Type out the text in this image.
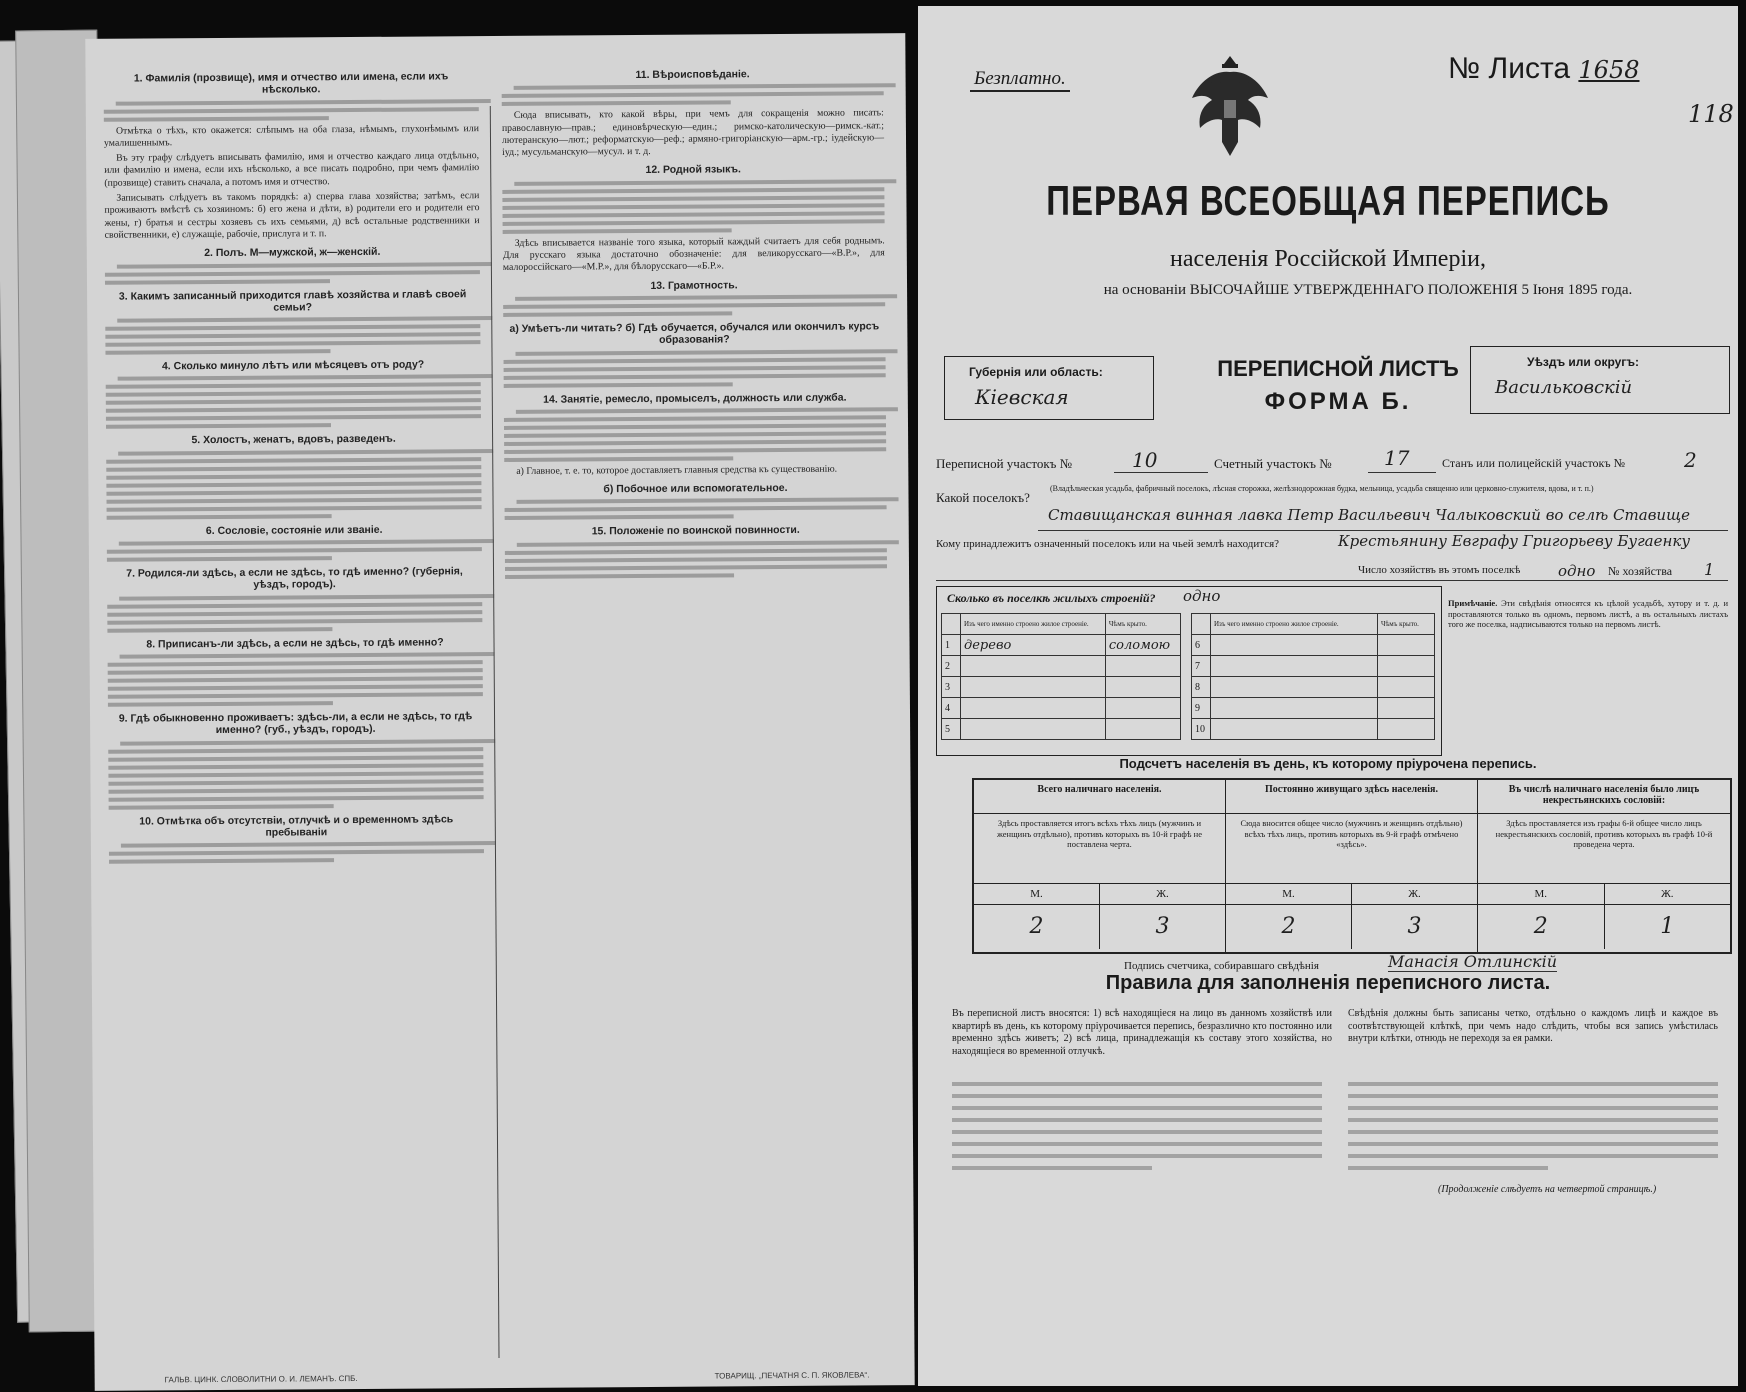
1. Фамилія (прозвище), имя и отчество или имена, если ихъ нѣсколько.

Отмѣтка о тѣхъ, кто окажется: слѣпымъ на оба глаза, нѣмымъ, глухонѣмымъ или умалишеннымъ.

Въ эту графу слѣдуетъ вписывать фамилію, имя и отчество каждаго лица отдѣльно, или фамилію и имена, если ихъ нѣсколько, а все писать подробно, при чемъ фамилію (прозвище) ставить сначала, а потомъ имя и отчество.

Записывать слѣдуетъ въ такомъ порядкѣ: а) сперва глава хозяйства; затѣмъ, если проживаютъ вмѣстѣ съ хозяиномъ: б) его жена и дѣти, в) родители его и родители его жены, г) братья и сестры хозяевъ съ ихъ семьями, д) всѣ остальные родственники и свойственники, е) служащіе, рабочіе, прислуга и т. п.

2. Полъ. М—мужской, ж—женскій.
3. Какимъ записанный приходится главѣ хозяйства и главѣ своей семьи?
4. Сколько минуло лѣтъ или мѣсяцевъ отъ роду?
5. Холостъ, женатъ, вдовъ, разведенъ.
6. Сословіе, состояніе или званіе.
7. Родился-ли здѣсь, а если не здѣсь, то гдѣ именно? (губернія, уѣздъ, городъ).
8. Приписанъ-ли здѣсь, а если не здѣсь, то гдѣ именно?
9. Гдѣ обыкновенно проживаетъ: здѣсь-ли, а если не здѣсь, то гдѣ именно? (губ., уѣздъ, городъ).
10. Отмѣтка объ отсутствіи, отлучкѣ и о временномъ здѣсь пребываніи
11. Вѣроисповѣданіе.

Сюда вписывать, кто какой вѣры, при чемъ для сокращенія можно писать: православную—прав.; единовѣрческую—един.; римско-католическую—римск.-кат.; лютеранскую—лют.; реформатскую—реф.; армяно-григоріанскую—арм.-гр.; іудейскую—іуд.; мусульманскую—мусул. и т. д.

12. Родной языкъ.

Здѣсь вписывается названіе того языка, который каждый считаетъ для себя роднымъ. Для русскаго языка достаточно обозначеніе: для великорусскаго—«В.Р.», для малороссійскаго—«М.Р.», для бѣлорусскаго—«Б.Р.».

13. Грамотность.
а) Умѣетъ-ли читать? б) Гдѣ обучается, обучался или окончилъ курсъ образованія?
14. Занятіе, ремесло, промыселъ, должность или служба.

а) Главное, т. е. то, которое доставляетъ главныя средства къ существованію.

б) Побочное или вспомогательное.
15. Положеніе по воинской повинности.
ГАЛЬВ. ЦИНК. СЛОВОЛИТНИ О. И. ЛЕМАНЪ. СПБ.	ТОВАРИЩ. „ПЕЧАТНЯ С. П. ЯКОВЛЕВА“.
Безплатно.	№ Листа 1658
118
ПЕРВАЯ ВСЕОБЩАЯ ПЕРЕПИСЬ
населенія Россійской Имперіи,
на основаніи ВЫСОЧАЙШЕ УТВЕРЖДЕННАГО ПОЛОЖЕНІЯ 5 Іюня 1895 года.
Губернія или область:
Кіевская
ПЕРЕПИСНОЙ ЛИСТЪ
ФОРМА Б.
Уѣздъ или округъ:
Васильковскій
Переписной участокъ №	10	Счетный участокъ №	17	Станъ или полицейскій участокъ №	2
Какой поселокъ?
(Владѣльческая усадьба, фабричный поселокъ, лѣсная сторожка, желѣзнодорожная будка, мельница, усадьба священно или церковно-служителя, вдова, и т. п.)
Ставищанская винная лавка Петр Васильевич Чалыковский во селѣ Ставище
Кому принадлежитъ означенный поселокъ или на чьей землѣ находится?	Крестьянину Евграфу Григорьеву Бугаенку
Число хозяйствъ въ этомъ поселкѣ	одно № хозяйства 1
Сколько въ поселкѣ жилыхъ строеній? одно
	Изъ чего именно строено жилое строеніе.	Чѣмъ крыто.
1	дерево	соломою
2		
3		
4		
5		
	Изъ чего именно строено жилое строеніе.	Чѣмъ крыто.
6		
7		
8		
9		
10		
Примѣчаніе. Эти свѣдѣнія относятся къ цѣлой усадьбѣ, хутору и т. д. и проставляются только въ одномъ, первомъ листѣ, а въ остальныхъ листахъ того же поселка, надписываются только на первомъ листѣ.
Подсчетъ населенія въ день, къ которому пріурочена перепись.
Всего наличнаго населенія.
Здѣсь проставляется итогъ всѣхъ тѣхъ лицъ (мужчинъ и женщинъ отдѣльно), противъ которыхъ въ 10-й графѣ не поставлена черта.
М.	Ж.
2	3
Постоянно живущаго здѣсь населенія.
Сюда вносится общее число (мужчинъ и женщинъ отдѣльно) всѣхъ тѣхъ лицъ, противъ которыхъ въ 9-й графѣ отмѣчено «здѣсь».
М.	Ж.
2	3
Въ числѣ наличнаго населенія было лицъ некрестьянскихъ сословій:
Здѣсь проставляется изъ графы 6-й общее число лицъ некрестьянскихъ сословій, противъ которыхъ въ графѣ 10-й проведена черта.
М.	Ж.
2	1
Подпись счетчика, собиравшаго свѣдѣнія	Манасія Отлинскій
Правила для заполненія переписного листа.
Въ переписной листъ вносятся: 1) всѣ находящіеся на лицо въ данномъ хозяйствѣ или квартирѣ въ день, къ которому пріурочивается перепись, безразлично кто постоянно или временно здѣсь живетъ; 2) всѣ лица, принадлежащія къ составу этого хозяйства, но находящіеся во временной отлучкѣ.
Свѣдѣнія должны быть записаны четко, отдѣльно о каждомъ лицѣ и каждое въ соотвѣтствующей клѣткѣ, при чемъ надо слѣдить, чтобы вся запись умѣстилась внутри клѣтки, отнюдь не переходя за ея рамки.
(Продолженіе слѣдуетъ на четвертой страницѣ.)
